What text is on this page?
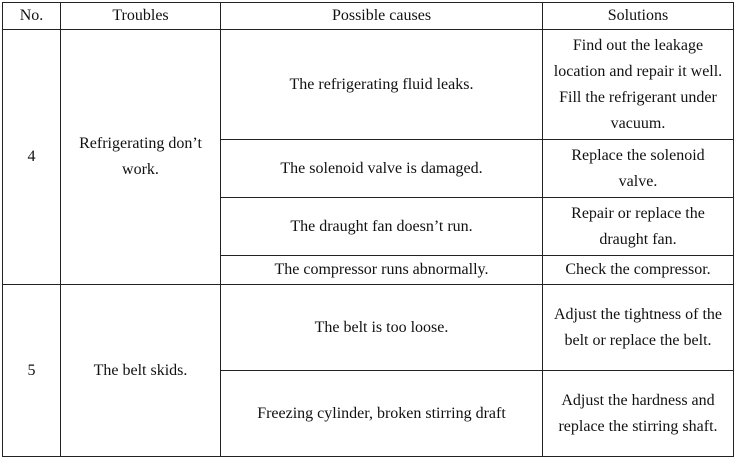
No.	Troubles	Possible causes	Solutions
4	Refrigerating don’t work.	The refrigerating fluid leaks.	Find out the leakage location and repair it well. Fill the refrigerant under vacuum.

		The solenoid valve is damaged.	Replace the solenoid valve.

		The draught fan doesn’t run.	Repair or replace the draught fan.

		The compressor runs abnormally.	Check the compressor.
5	The belt skids.	The belt is too loose.	Adjust the tightness of the belt or replace the belt.

		Freezing cylinder, broken stirring draft	Adjust the hardness and replace the stirring shaft.
